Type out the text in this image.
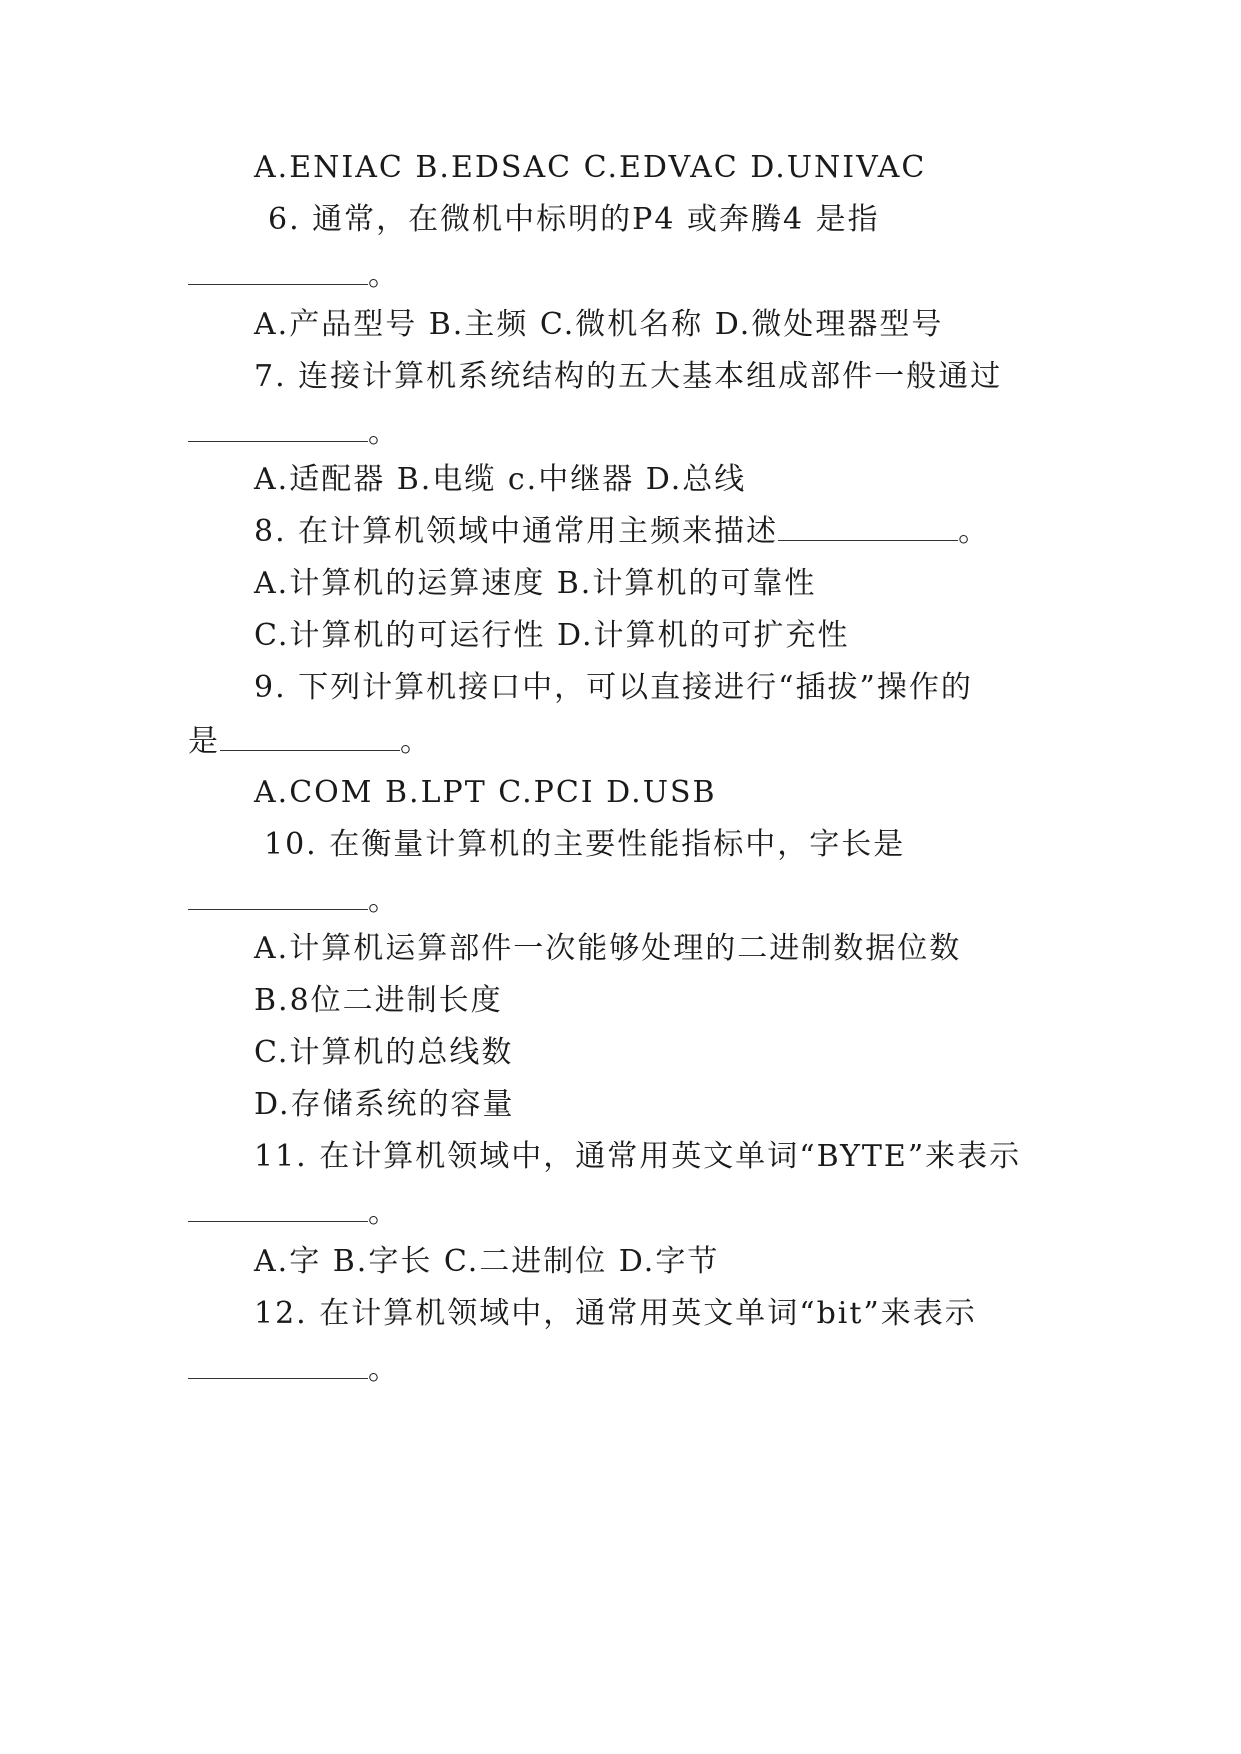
A.ENIAC B.EDSAC C.EDVAC D.UNIVAC
6. 通常，在微机中标明的P4 或奔腾4 是指
。
A.产品型号 B.主频 C.微机名称 D.微处理器型号
7. 连接计算机系统结构的五大基本组成部件一般通过
。
A.适配器 B.电缆 c.中继器 D.总线
8. 在计算机领域中通常用主频来描述	。
A.计算机的运算速度 B.计算机的可靠性
C.计算机的可运行性 D.计算机的可扩充性
9. 下列计算机接口中，可以直接进行“插拔”操作的
是	。
A.COM B.LPT C.PCI D.USB
10. 在衡量计算机的主要性能指标中，字长是
。
A.计算机运算部件一次能够处理的二进制数据位数
B.8位二进制长度
C.计算机的总线数
D.存储系统的容量
11. 在计算机领域中，通常用英文单词“BYTE”来表示
。
A.字 B.字长 C.二进制位 D.字节
12. 在计算机领域中，通常用英文单词“bit”来表示
。
